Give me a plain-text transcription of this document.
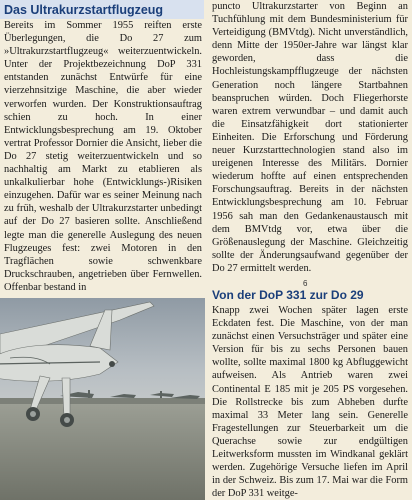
Das Ultrakurzstartflugzeug

Bereits im Sommer 1955 reiften erste Überlegungen, die Do 27 zum »Ultrakurzstartflugzeug« weiterzuentwickeln. Unter der Projektbezeichnung DoP 331 entstanden zunächst Entwürfe für eine vierzehnsitzige Maschine, die aber wieder verworfen wurden. Der Konstruktionsauftrag schien zu hoch. In einer Entwicklungsbesprechung am 19. Oktober vertrat Professor Dornier die Ansicht, lieber die Do 27 stetig weiterzuentwickeln und so nachhaltig am Markt zu etablieren als unkalkulierbar hohe (Entwicklungs-)Risiken einzugehen. Dafür war es seiner Meinung nach zu früh, weshalb der Ultrakurzstarter unbedingt auf der Do 27 basieren sollte. Anschließend legte man die generelle Auslegung des neuen Flugzeuges fest: zwei Motoren in den Tragflächen sowie schwenkbare Druckschrauben, angetrieben über Fernwellen. Offenbar bestand in

puncto Ultrakurzstarter von Beginn an Tuchfühlung mit dem Bundesministerium für Verteidigung (BMVtdg). Nicht unverständlich, denn Mitte der 1950er-Jahre war längst klar geworden, dass die Hochleistungskampfflugzeuge der nächsten Generation noch längere Startbahnen beanspruchen würden. Doch Fliegerhorste waren extrem verwundbar – und damit auch die Einsatzfähigkeit dort stationierter Einheiten. Die Erforschung und Förderung neuer Kurzstarttechnologien stand also im ureigenen Interesse des Militärs. Dornier wiederum hoffte auf einen entsprechenden Forschungsauftrag. Bereits in der nächsten Entwicklungsbesprechung am 10. Februar 1956 sah man den Gedankenaustausch mit dem BMVtdg vor, etwa über die Größenauslegung der Maschine. Gleichzeitig sollte der Änderungsaufwand gegenüber der Do 27 ermittelt werden.

6
Von der DoP 331 zur Do 29

Knapp zwei Wochen später lagen erste Eckdaten fest. Die Maschine, von der man zunächst einen Versuchsträger und später eine Version für bis zu sechs Personen bauen wollte, sollte maximal 1800 kg Abfluggewicht aufweisen. Als Antrieb waren zwei Continental E 185 mit je 205 PS vorgesehen. Die Rollstrecke bis zum Abheben durfte maximal 33 Meter lang sein. Generelle Fragestellungen zur Steuerbarkeit um die Querachse sowie zur endgültigen Leitwerksform mussten im Windkanal geklärt werden. Zugehörige Versuche liefen im April in der Schweiz. Bis zum 17. Mai war die Form der DoP 331 weitge-
